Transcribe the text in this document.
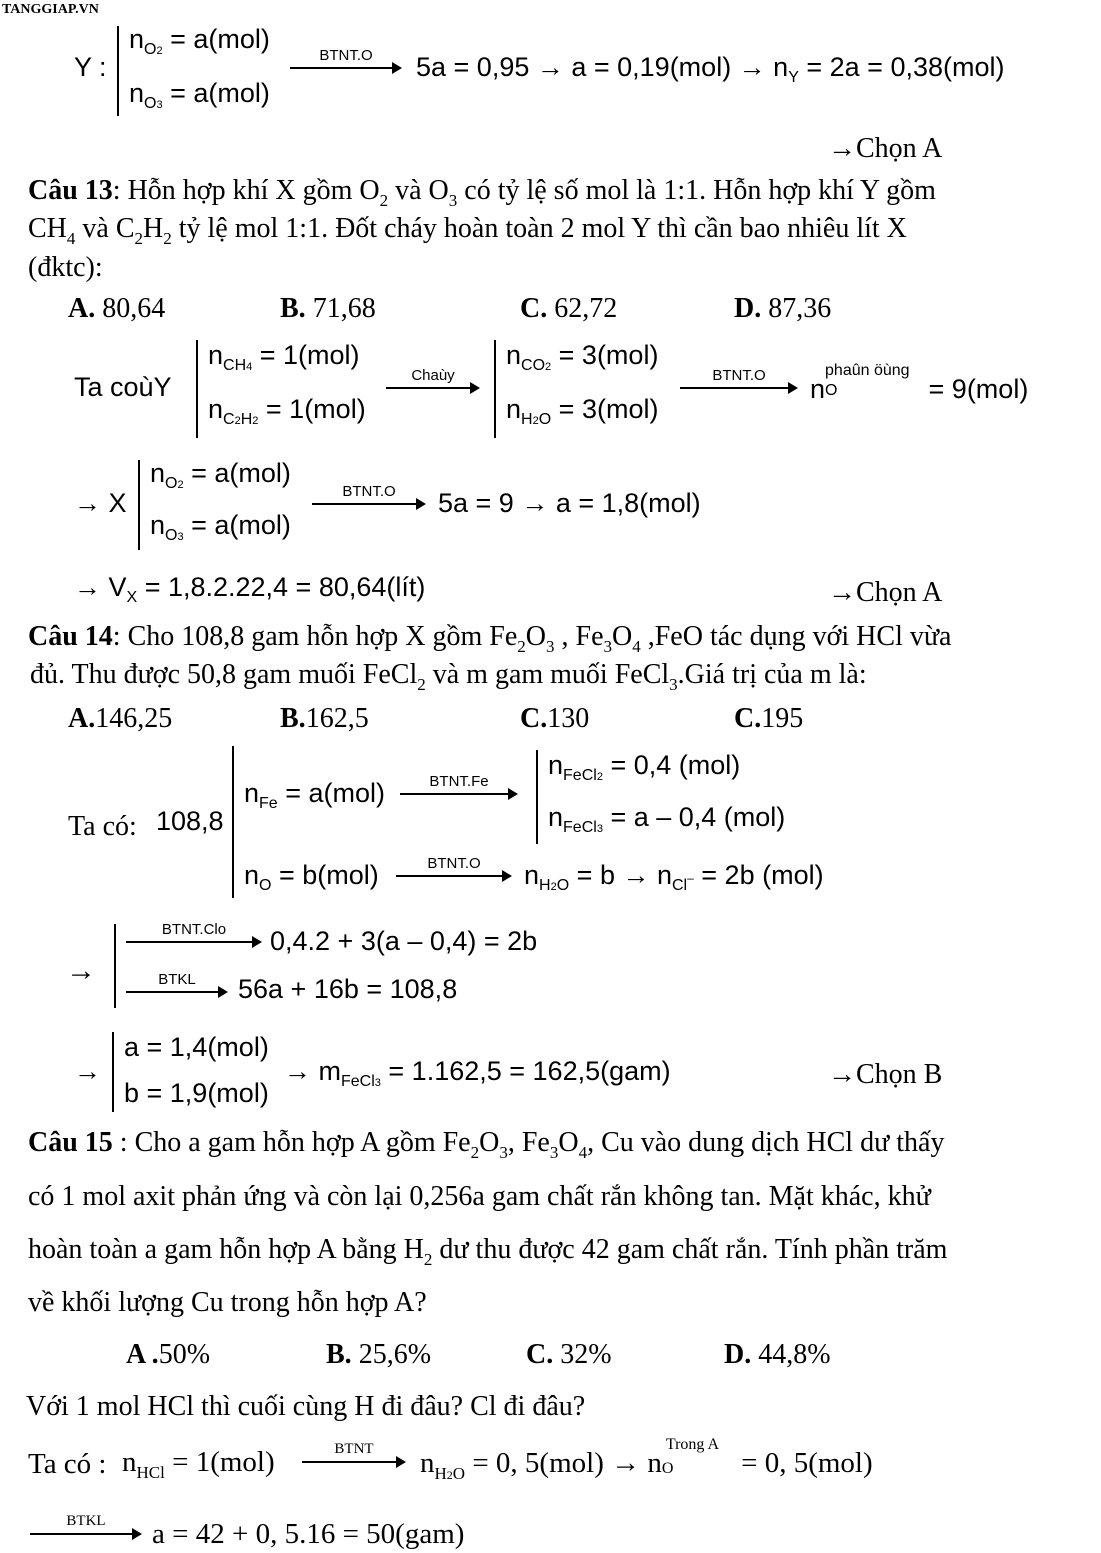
TANGGIAP.VN
Y :
$n_{O2} = a(mol)$
$n_{O3} = a(mol)$
BTNT.O	$5a = 0,95 \to a = 0,19(mol) \to n_Y = 2a = 0,38(mol)$
→Chọn A
Câu 13: Hỗn hợp khí X gồm $O_2$ và $O_3$ có tỷ lệ số mol là 1:1. Hỗn hợp khí Y gồm
$CH_4$ và $C_2H_2$ tỷ lệ mol 1:1. Đốt cháy hoàn toàn 2 mol Y thì cần bao nhiêu lít X
(đktc):
A. 80,64	B. 71,68	C. 62,72	D. 87,36
Ta coùY
$n_{CH4} = 1(mol)$
$n_{C2H2} = 1(mol)$
Chaùy
$n_{CO2} = 3(mol)$
$n_{H2O} = 3(mol)$
BTNT.O	n
phaûn öùng
O	= 9(mol)
→ X
$n_{O2} = a(mol)$
$n_{O3} = a(mol)$
BTNT.O	5a = 9 → a = 1,8(mol)
→ $V_X = 1,8.2.22,4$ = 80,64(lít)	→Chọn A
Câu 14: Cho 108,8 gam hỗn hợp X gồm $Fe_2O_3$ , $Fe_3O_4$ ,FeO tác dụng với HCl vừa
đủ. Thu được 50,8 gam muối FeCl$_2$ và m gam muối FeCl$_3$.Giá trị của m là:
A.146,25	B.162,5	C.130	C.195
Ta có: 108,8
$n_{Fe} = a(mol)$	BTNT.Fe
$n_{FeCl2} = 0,4$ (mol)
$n_{FeCl3} = a - 0,4$ (mol)
$n_O = b(mol)$	BTNT.O	$n_{H2O} = b \to n_{Cl^-} = 2b$ (mol)
→
BTNT.Clo	0,4.2 + 3(a – 0,4) = 2b
BTKL	56a + 16b = 108,8
→
a = 1,4(mol)
b = 1,9(mol)
→ $m_{FeCl3} = 1.162,5 = 162,5(gam)$	→Chọn B
Câu 15 : Cho a gam hỗn hợp A gồm $Fe_2O_3$, $Fe_3O_4$, Cu vào dung dịch HCl dư thấy
có 1 mol axit phản ứng và còn lại 0,256a gam chất rắn không tan. Mặt khác, khử
hoàn toàn a gam hỗn hợp A bằng $H_2$ dư thu được 42 gam chất rắn. Tính phần trăm
về khối lượng Cu trong hỗn hợp A?
A .50%	B. 25,6%	C. 32%	D. 44,8%
Với 1 mol HCl thì cuối cùng H đi đâu? Cl đi đâu?
Ta có : $n_{HCl} = 1(mol)$	BTNT	$n_{H2O} = 0$, 5(mol) → n
Trong A
O = 0, 5(mol)
BTKL	a = 42 + 0, 5.16 = 50(gam)
